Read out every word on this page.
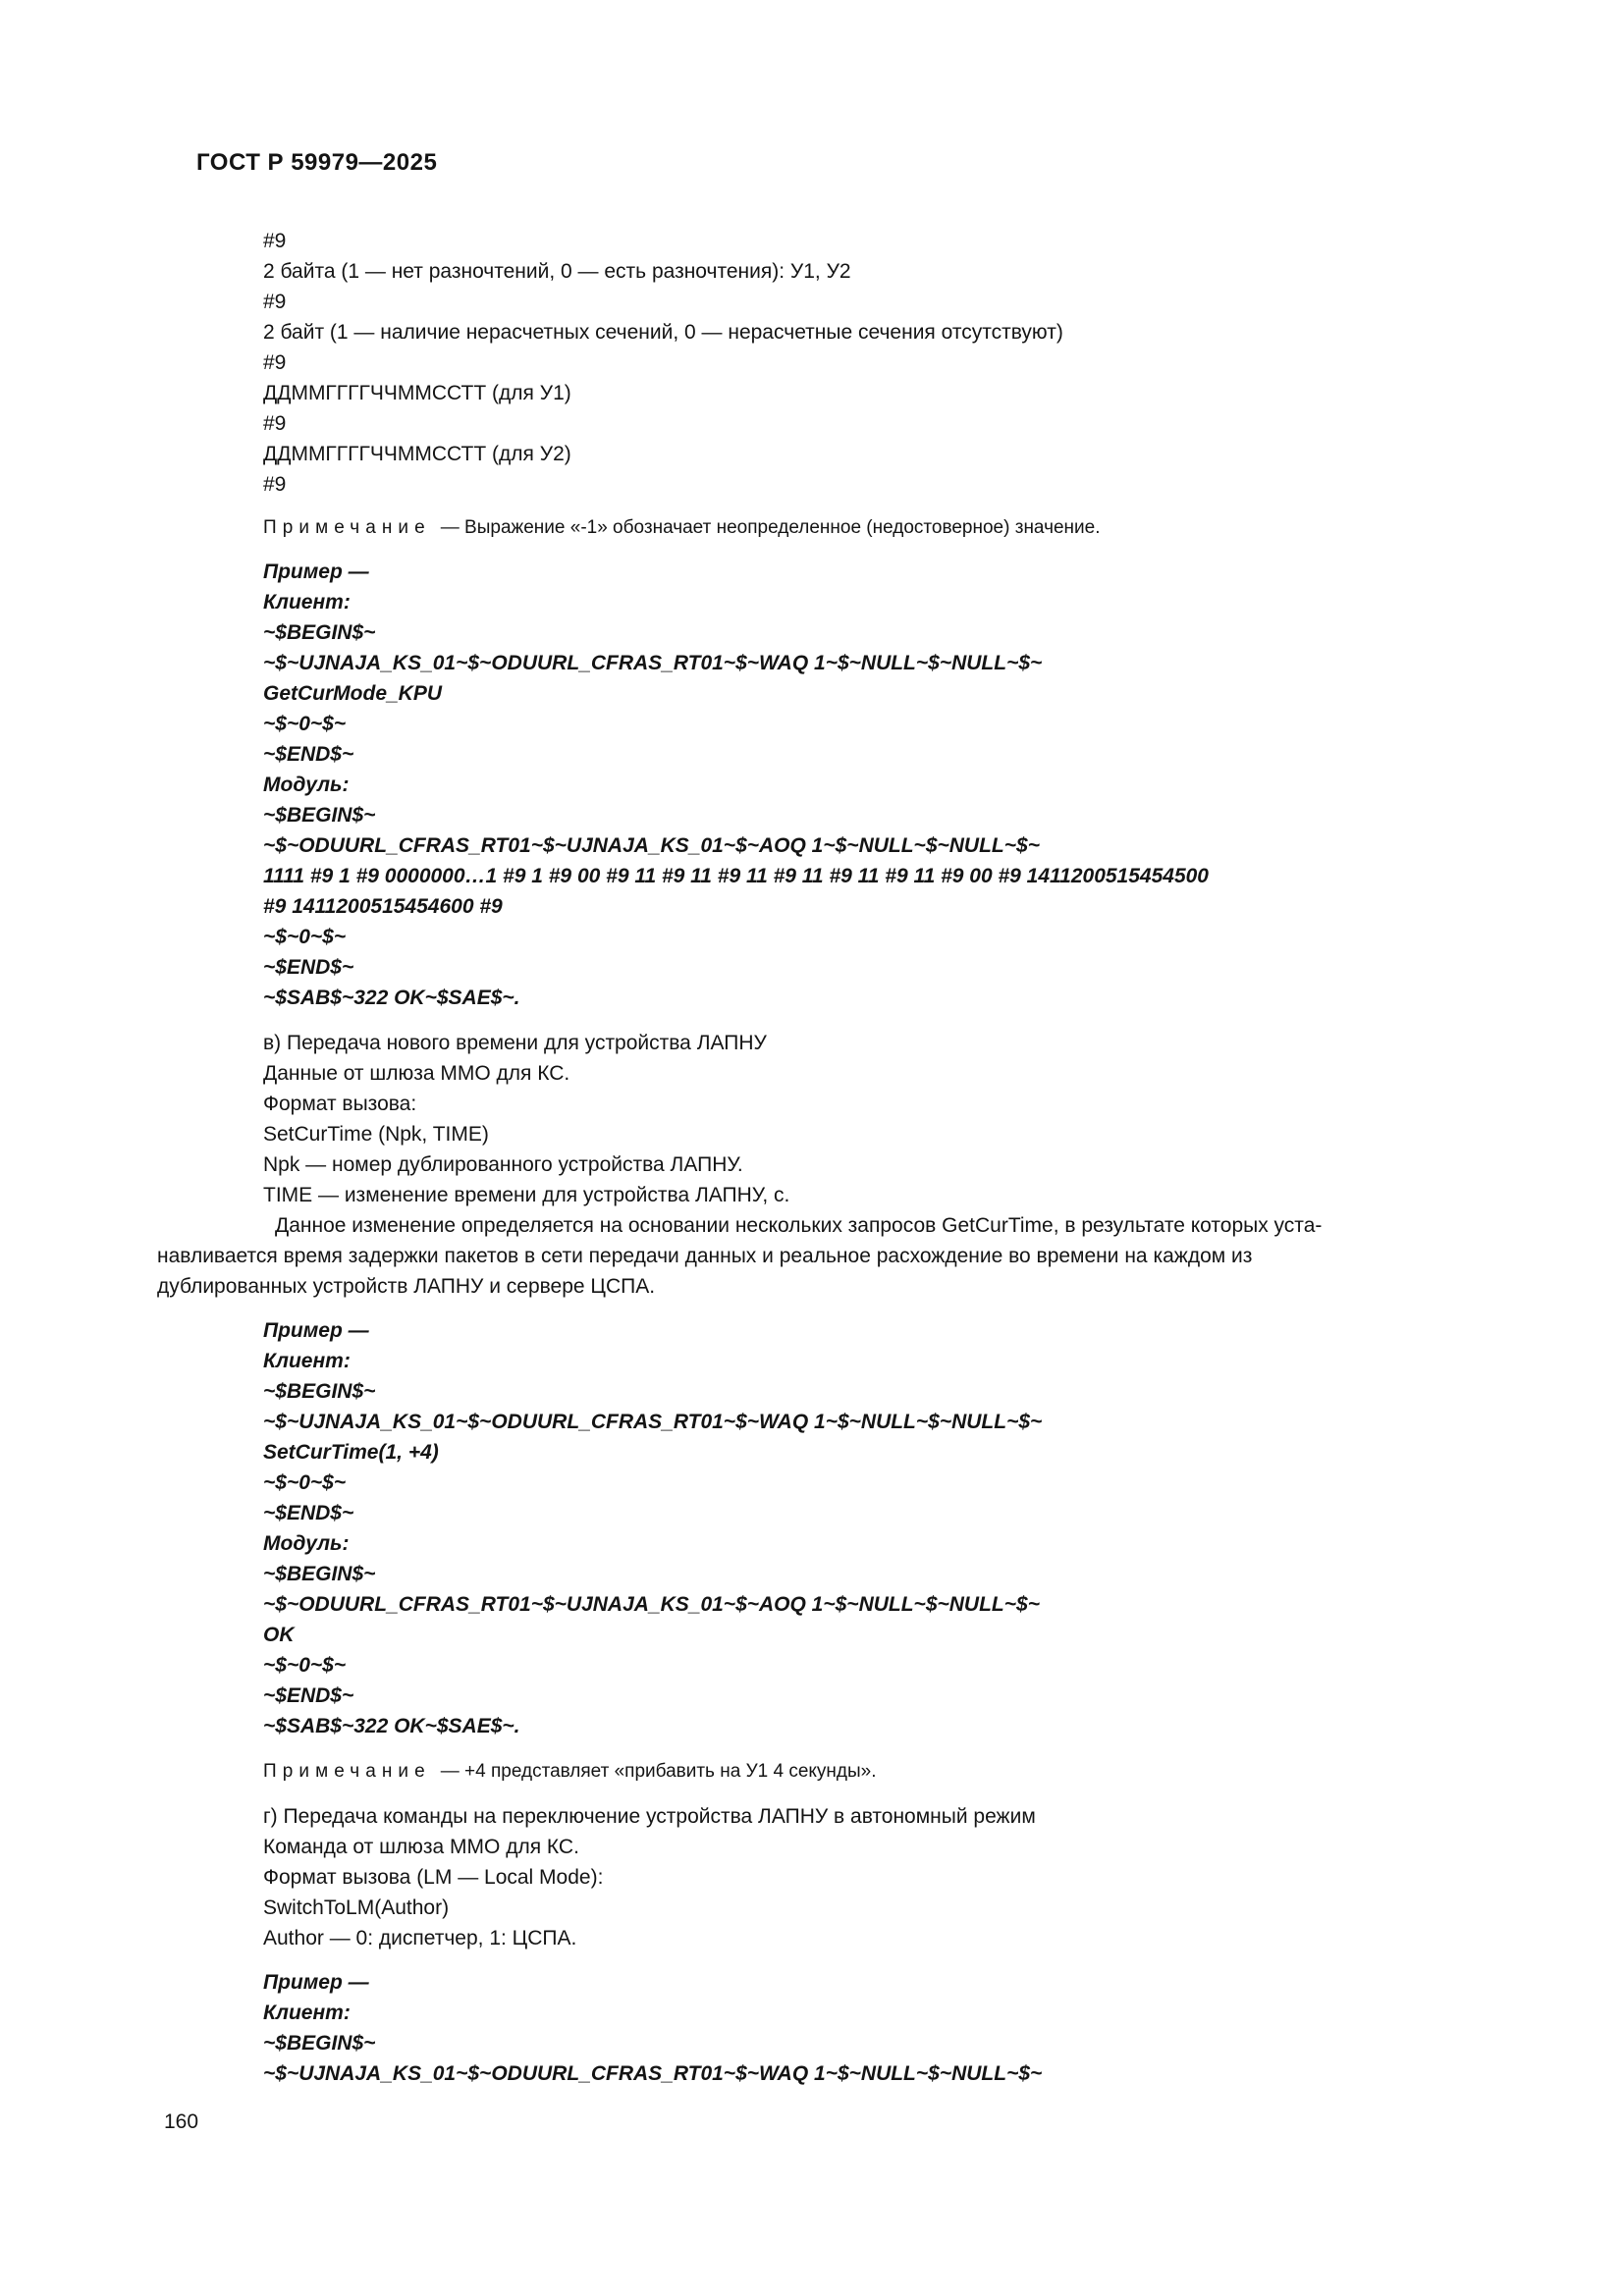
ГОСТ Р 59979—2025
#9
2 байта (1 — нет разночтений, 0 — есть разночтения): У1, У2
#9
2 байт (1 — наличие нерасчетных сечений, 0 — нерасчетные сечения отсутствуют)
#9
ДДММГГГГЧЧММССТТ (для У1)
#9
ДДММГГГГЧЧММССТТ (для У2)
#9
Примечание — Выражение «-1» обозначает неопределенное (недостоверное) значение.
Пример —
Клиент:
~$BEGIN$~
~$~UJNAJA_KS_01~$~ODUURL_CFRAS_RT01~$~WAQ 1~$~NULL~$~NULL~$~
GetCurMode_KPU
~$~0~$~
~$END$~
Модуль:
~$BEGIN$~
~$~ODUURL_CFRAS_RT01~$~UJNAJA_KS_01~$~AOQ 1~$~NULL~$~NULL~$~
1111 #9 1 #9 0000000…1 #9 1 #9 00 #9 11 #9 11 #9 11 #9 11 #9 11 #9 11 #9 00 #9 1411200515454500
#9 1411200515454600 #9
~$~0~$~
~$END$~
~$SAB$~322 OK~$SAE$~.
в) Передача нового времени для устройства ЛАПНУ
Данные от шлюза ММО для КС.
Формат вызова:
SetCurTime (Npk, TIME)
Npk — номер дублированного устройства ЛАПНУ.
TIME — изменение времени для устройства ЛАПНУ, с.
Данное изменение определяется на основании нескольких запросов GetCurTime, в результате которых уста-
навливается время задержки пакетов в сети передачи данных и реальное расхождение во времени на каждом из
дублированных устройств ЛАПНУ и сервере ЦСПА.
Пример —
Клиент:
~$BEGIN$~
~$~UJNAJA_KS_01~$~ODUURL_CFRAS_RT01~$~WAQ 1~$~NULL~$~NULL~$~
SetCurTime(1, +4)
~$~0~$~
~$END$~
Модуль:
~$BEGIN$~
~$~ODUURL_CFRAS_RT01~$~UJNAJA_KS_01~$~AOQ 1~$~NULL~$~NULL~$~
OK
~$~0~$~
~$END$~
~$SAB$~322 OK~$SAE$~.
Примечание — +4 представляет «прибавить на У1 4 секунды».
г) Передача команды на переключение устройства ЛАПНУ в автономный режим
Команда от шлюза ММО для КС.
Формат вызова (LM — Local Mode):
SwitchToLM(Author)
Author — 0: диспетчер, 1: ЦСПА.
Пример —
Клиент:
~$BEGIN$~
~$~UJNAJA_KS_01~$~ODUURL_CFRAS_RT01~$~WAQ 1~$~NULL~$~NULL~$~
160
